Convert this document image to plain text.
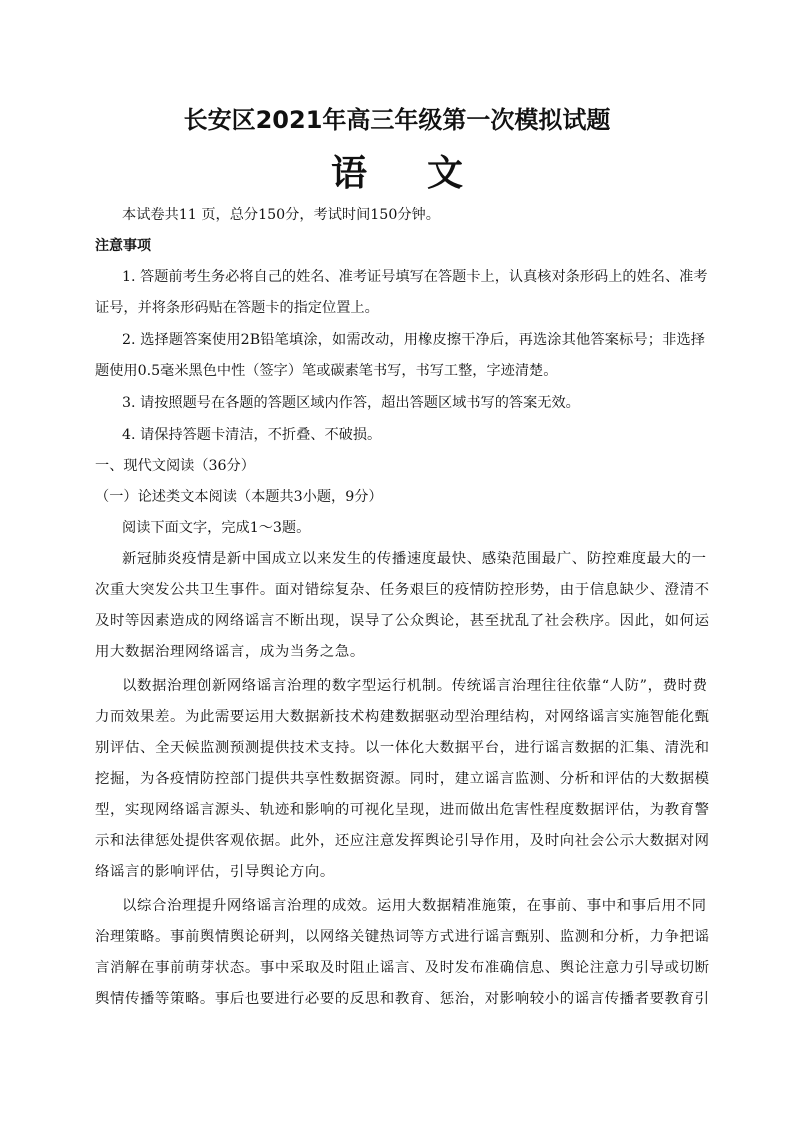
长安区2021年高三年级第一次模拟试题
语文
本试卷共11 页，总分150分，考试时间150分钟。
注意事项
1. 答题前考生务必将自己的姓名、准考证号填写在答题卡上，认真核对条形码上的姓名、准考
证号，并将条形码贴在答题卡的指定位置上。
2. 选择题答案使用2B铅笔填涂，如需改动，用橡皮擦干净后，再选涂其他答案标号；非选择
题使用0.5毫米黑色中性（签字）笔或碳素笔书写，书写工整，字迹清楚。
3. 请按照题号在各题的答题区域内作答，超出答题区域书写的答案无效。
4. 请保持答题卡清洁，不折叠、不破损。
一、现代文阅读（36分）
（一）论述类文本阅读（本题共3小题，9分）
阅读下面文字，完成1～3题。
新冠肺炎疫情是新中国成立以来发生的传播速度最快、感染范围最广、防控难度最大的一
次重大突发公共卫生事件。面对错综复杂、任务艰巨的疫情防控形势，由于信息缺少、澄清不
及时等因素造成的网络谣言不断出现，误导了公众舆论，甚至扰乱了社会秩序。因此，如何运
用大数据治理网络谣言，成为当务之急。
以数据治理创新网络谣言治理的数字型运行机制。传统谣言治理往往依靠“人防”，费时费
力而效果差。为此需要运用大数据新技术构建数据驱动型治理结构，对网络谣言实施智能化甄
别评估、全天候监测预测提供技术支持。以一体化大数据平台，进行谣言数据的汇集、清洗和
挖掘，为各疫情防控部门提供共享性数据资源。同时，建立谣言监测、分析和评估的大数据模
型，实现网络谣言源头、轨迹和影响的可视化呈现，进而做出危害性程度数据评估，为教育警
示和法律惩处提供客观依据。此外，还应注意发挥舆论引导作用，及时向社会公示大数据对网
络谣言的影响评估，引导舆论方向。
以综合治理提升网络谣言治理的成效。运用大数据精准施策，在事前、事中和事后用不同
治理策略。事前舆情舆论研判，以网络关键热词等方式进行谣言甄别、监测和分析，力争把谣
言消解在事前萌芽状态。事中采取及时阻止谣言、及时发布准确信息、舆论注意力引导或切断
舆情传播等策略。事后也要进行必要的反思和教育、惩治，对影响较小的谣言传播者要教育引
